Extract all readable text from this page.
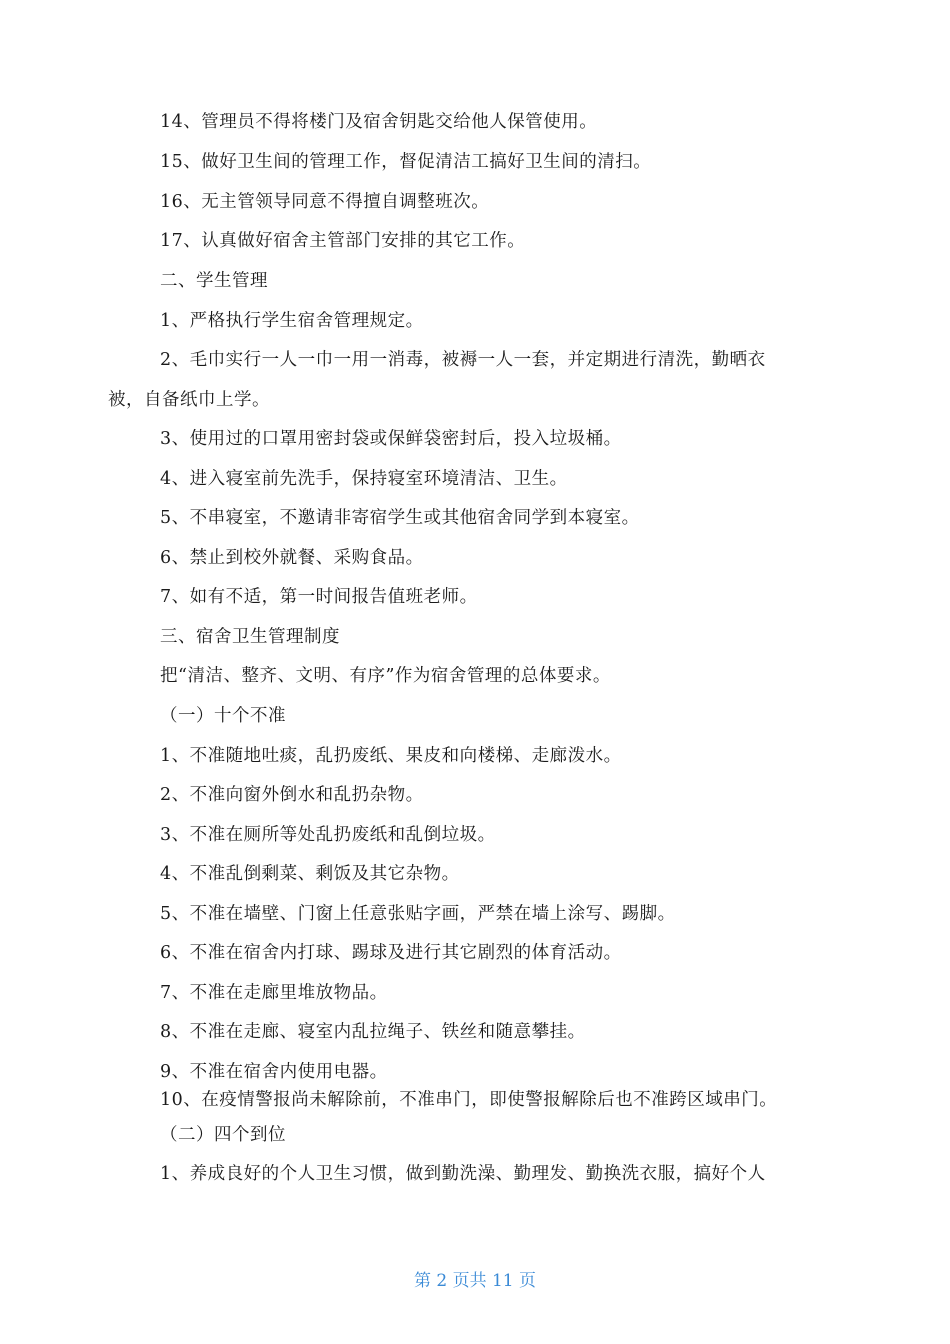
14、管理员不得将楼门及宿舍钥匙交给他人保管使用。
15、做好卫生间的管理工作，督促清洁工搞好卫生间的清扫。
16、无主管领导同意不得擅自调整班次。
17、认真做好宿舍主管部门安排的其它工作。
二、学生管理
1、严格执行学生宿舍管理规定。
2、毛巾实行一人一巾一用一消毒，被褥一人一套，并定期进行清洗，勤晒衣
被，自备纸巾上学。
3、使用过的口罩用密封袋或保鲜袋密封后，投入垃圾桶。
4、进入寝室前先洗手，保持寝室环境清洁、卫生。
5、不串寝室，不邀请非寄宿学生或其他宿舍同学到本寝室。
6、禁止到校外就餐、采购食品。
7、如有不适，第一时间报告值班老师。
三、宿舍卫生管理制度
把“清洁、整齐、文明、有序”作为宿舍管理的总体要求。
（一）十个不准
1、不准随地吐痰，乱扔废纸、果皮和向楼梯、走廊泼水。
2、不准向窗外倒水和乱扔杂物。
3、不准在厕所等处乱扔废纸和乱倒垃圾。
4、不准乱倒剩菜、剩饭及其它杂物。
5、不准在墙壁、门窗上任意张贴字画，严禁在墙上涂写、踢脚。
6、不准在宿舍内打球、踢球及进行其它剧烈的体育活动。
7、不准在走廊里堆放物品。
8、不准在走廊、寝室内乱拉绳子、铁丝和随意攀挂。
9、不准在宿舍内使用电器。
10、在疫情警报尚未解除前，不准串门，即使警报解除后也不准跨区域串门。
（二）四个到位
1、养成良好的个人卫生习惯，做到勤洗澡、勤理发、勤换洗衣服，搞好个人
第 2 页共 11 页
